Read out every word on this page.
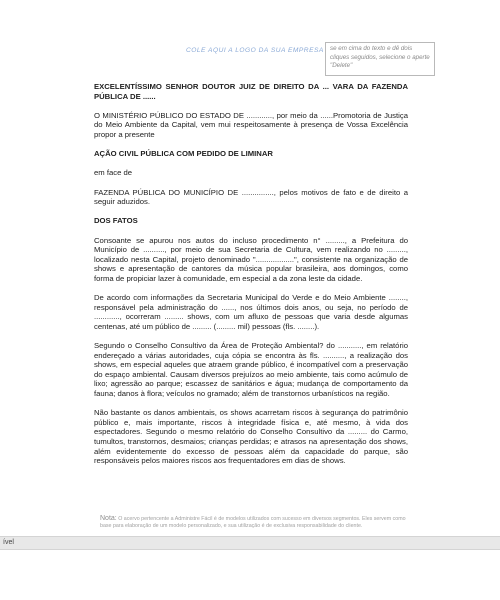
COLE AQUI A LOGO DA SUA EMPRESA	se em cima do texto e dê dois cliques seguidos, selecione o aperte "Delete"

EXCELENTÍSSIMO SENHOR DOUTOR JUIZ DE DIREITO DA ... VARA DA FAZENDA PÚBLICA DE ......

O MINISTÉRIO PÚBLICO DO ESTADO DE ............, por meio da ......Promotoria de Justiça do Meio Ambiente da Capital, vem mui respeitosamente à presença de Vossa Excelência propor a presente

AÇÃO CIVIL PÚBLICA COM PEDIDO DE LIMINAR

em face de

FAZENDA PÚBLICA DO MUNICÍPIO DE ..............., pelos motivos de fato e de direito a seguir aduzidos.

DOS FATOS

Consoante se apurou nos autos do incluso procedimento n° ........., a Prefeitura do Município de .........., por meio de sua Secretaria de Cultura, vem realizando no ........., localizado nesta Capital, projeto denominado "..................", consistente na organização de shows e apresentação de cantores da música popular brasileira, aos domingos, como forma de propiciar lazer à comunidade, em especial a da zona leste da cidade.

De acordo com informações da Secretaria Municipal do Verde e do Meio Ambiente ........, responsável pela administração do ......, nos últimos dois anos, ou seja, no período de ............, ocorreram ......... shows, com um afluxo de pessoas que varia desde algumas centenas, até um público de ......... (......... mil) pessoas (fls. ........).

Segundo o Conselho Consultivo da Área de Proteção Ambiental? do ..........., em relatório endereçado a várias autoridades, cuja cópia se encontra às fls. .........., a realização dos shows, em especial aqueles que atraem grande público, é incompatível com a preservação do espaço ambiental. Causam diversos prejuízos ao meio ambiente, tais como acúmulo de lixo; agressão ao parque; escassez de sanitários e água; mudança de comportamento da fauna; danos à flora; veículos no gramado; além de transtornos urbanísticos na região.

Não bastante os danos ambientais, os shows acarretam riscos à segurança do patrimônio público e, mais importante, riscos à integridade física e, até mesmo, à vida dos espectadores. Segundo o mesmo relatório do Conselho Consultivo da ......... do Carmo, tumultos, transtornos, desmaios; crianças perdidas; e atrasos na apresentação dos shows, além evidentemente do excesso de pessoas além da capacidade do parque, são responsáveis pelos maiores riscos aos frequentadores em dias de shows.

Nota: O acervo pertencente a Administre Fácil é de modelos utilizados com sucesso em diversos segmentos. Eles servem como base para elaboração de um modelo personalizado, e sua utilização é de exclusiva responsabilidade do cliente.
ível
